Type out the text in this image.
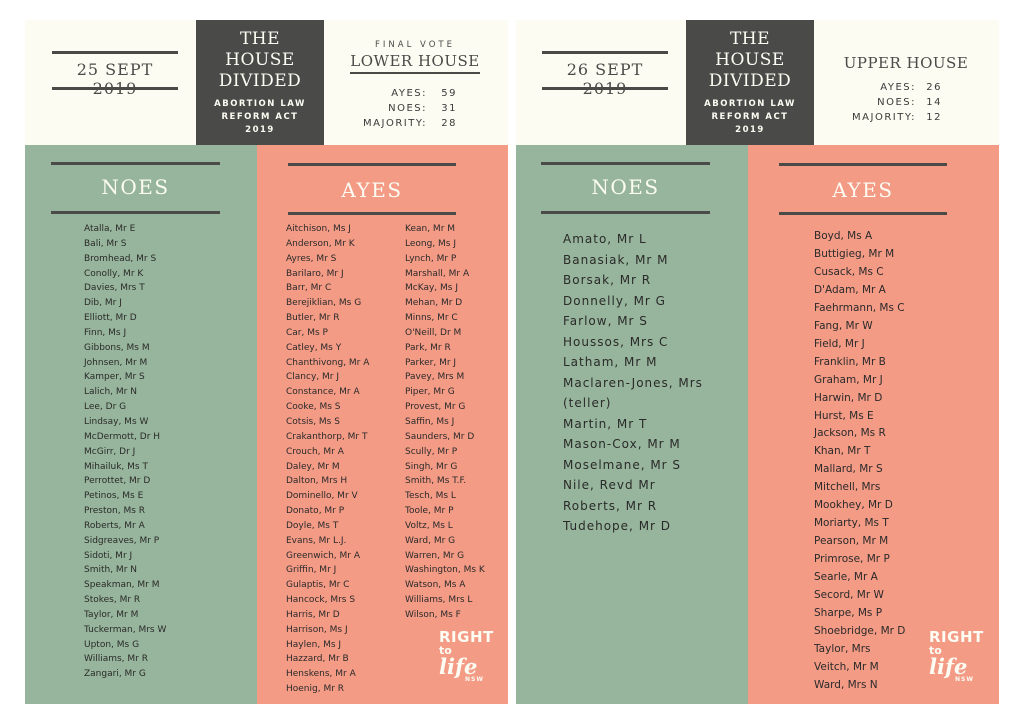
25 SEPT
THE
HOUSE
DIVIDED
ABORTION LAW
REFORM ACT
2019
FINAL VOTE
LOWER HOUSE
AYES:	59
NOES:	31
MAJORITY:	28
NOES	AYES
Atalla, Mr E
Bali, Mr S
Bromhead, Mr S
Conolly, Mr K
Davies, Mrs T
Dib, Mr J
Elliott, Mr D
Finn, Ms J
Gibbons, Ms M
Johnsen, Mr M
Kamper, Mr S
Lalich, Mr N
Lee, Dr G
Lindsay, Ms W
McDermott, Dr H
McGirr, Dr J
Mihailuk, Ms T
Perrottet, Mr D
Petinos, Ms E
Preston, Ms R
Roberts, Mr A
Sidgreaves, Mr P
Sidoti, Mr J
Smith, Mr N
Speakman, Mr M
Stokes, Mr R
Taylor, Mr M
Tuckerman, Mrs W
Upton, Ms G
Williams, Mr R
Zangari, Mr G
Aitchison, Ms J
Anderson, Mr K
Ayres, Mr S
Barilaro, Mr J
Barr, Mr C
Berejiklian, Ms G
Butler, Mr R
Car, Ms P
Catley, Ms Y
Chanthivong, Mr A
Clancy, Mr J
Constance, Mr A
Cooke, Ms S
Cotsis, Ms S
Crakanthorp, Mr T
Crouch, Mr A
Daley, Mr M
Dalton, Mrs H
Dominello, Mr V
Donato, Mr P
Doyle, Ms T
Evans, Mr L.J.
Greenwich, Mr A
Griffin, Mr J
Gulaptis, Mr C
Hancock, Mrs S
Harris, Mr D
Harrison, Ms J
Haylen, Ms J
Hazzard, Mr B
Henskens, Mr A
Hoenig, Mr R
Kean, Mr M
Leong, Ms J
Lynch, Mr P
Marshall, Mr A
McKay, Ms J
Mehan, Mr D
Minns, Mr C
O'Neill, Dr M
Park, Mr R
Parker, Mr J
Pavey, Mrs M
Piper, Mr G
Provest, Mr G
Saffin, Ms J
Saunders, Mr D
Scully, Mr P
Singh, Mr G
Smith, Ms T.F.
Tesch, Ms L
Toole, Mr P
Voltz, Ms L
Ward, Mr G
Warren, Mr G
Washington, Ms K
Watson, Ms A
Williams, Mrs L
Wilson, Ms F
RIGHT
to
life
NSW
26 SEPT
THE
HOUSE
DIVIDED
ABORTION LAW
REFORM ACT
2019
UPPER HOUSE
AYES:	26
NOES:	14
MAJORITY:	12
NOES	AYES
Amato, Mr L
Banasiak, Mr M
Borsak, Mr R
Donnelly, Mr G
Farlow, Mr S
Houssos, Mrs C
Latham, Mr M
Maclaren-Jones, Mrs
(teller)
Martin, Mr T
Mason-Cox, Mr M
Moselmane, Mr S
Nile, Revd Mr
Roberts, Mr R
Tudehope, Mr D
Boyd, Ms A
Buttigieg, Mr M
Cusack, Ms C
D'Adam, Mr A
Faehrmann, Ms C
Fang, Mr W
Field, Mr J
Franklin, Mr B
Graham, Mr J
Harwin, Mr D
Hurst, Ms E
Jackson, Ms R
Khan, Mr T
Mallard, Mr S
Mitchell, Mrs
Mookhey, Mr D
Moriarty, Ms T
Pearson, Mr M
Primrose, Mr P
Searle, Mr A
Secord, Mr W
Sharpe, Ms P
Shoebridge, Mr D
Taylor, Mrs
Veitch, Mr M
Ward, Mrs N
RIGHT
to
life
NSW
